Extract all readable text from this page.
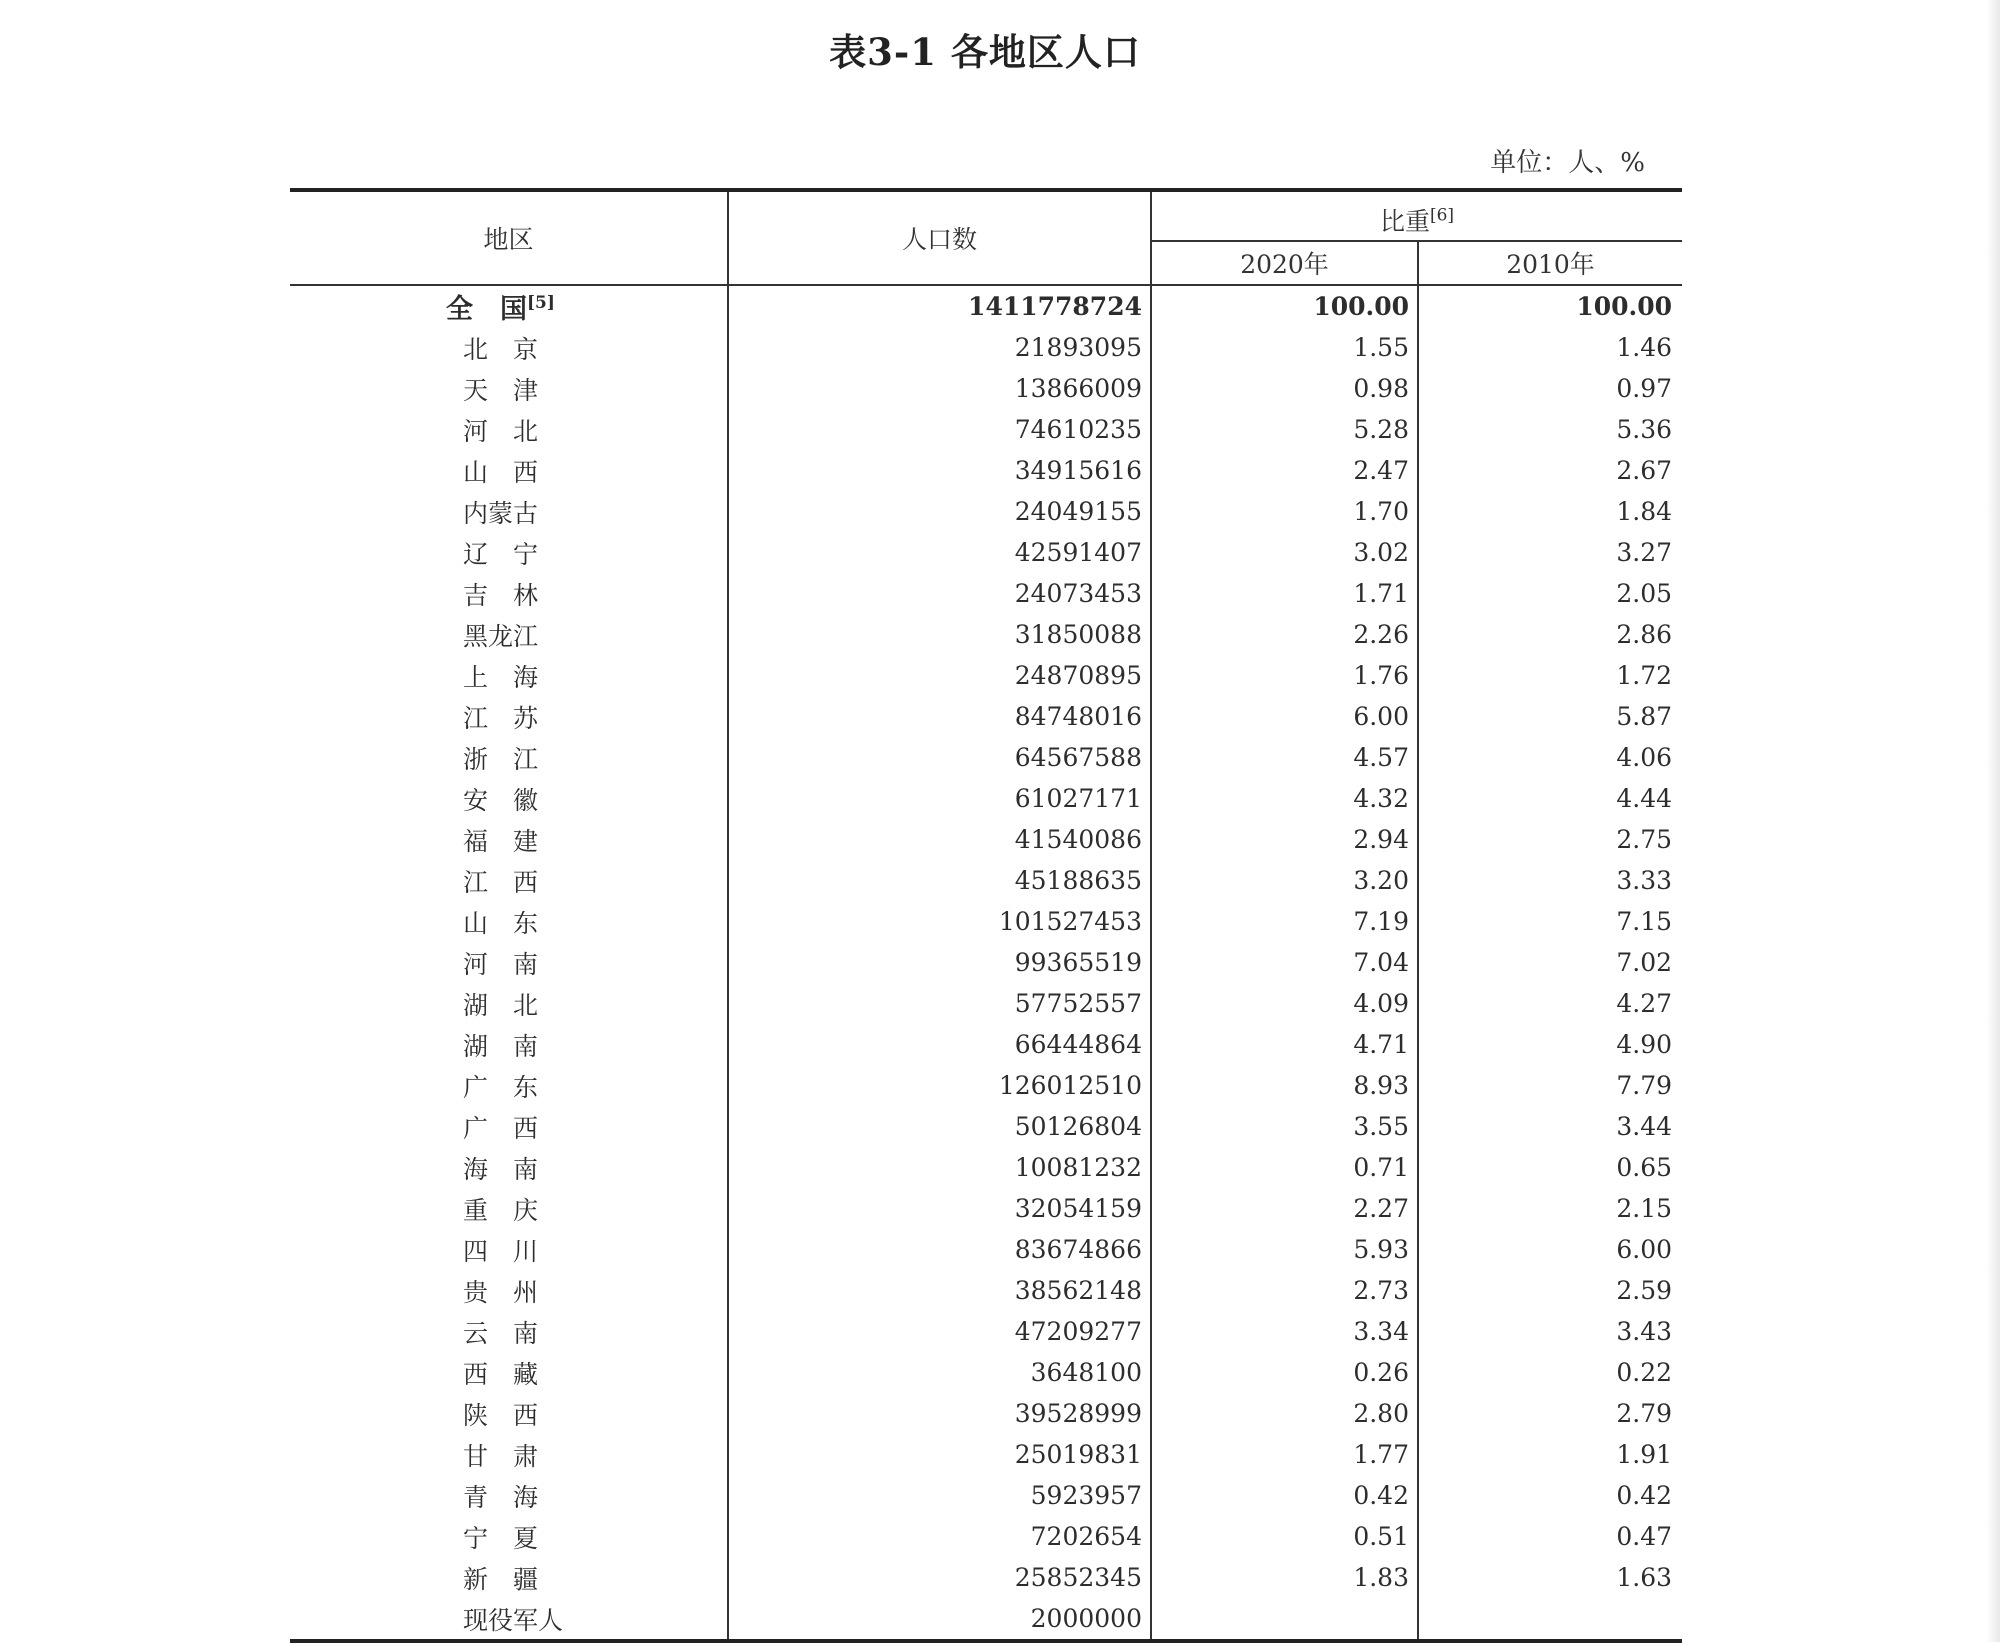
表3-1 各地区人口
单位：人、%
地区	人口数	比重[6]
		2020年	2010年
全　国[5]	1411778724	100.00	100.00
北　京	21893095	1.55	1.46
天　津	13866009	0.98	0.97
河　北	74610235	5.28	5.36
山　西	34915616	2.47	2.67
内蒙古	24049155	1.70	1.84
辽　宁	42591407	3.02	3.27
吉　林	24073453	1.71	2.05
黑龙江	31850088	2.26	2.86
上　海	24870895	1.76	1.72
江　苏	84748016	6.00	5.87
浙　江	64567588	4.57	4.06
安　徽	61027171	4.32	4.44
福　建	41540086	2.94	2.75
江　西	45188635	3.20	3.33
山　东	101527453	7.19	7.15
河　南	99365519	7.04	7.02
湖　北	57752557	4.09	4.27
湖　南	66444864	4.71	4.90
广　东	126012510	8.93	7.79
广　西	50126804	3.55	3.44
海　南	10081232	0.71	0.65
重　庆	32054159	2.27	2.15
四　川	83674866	5.93	6.00
贵　州	38562148	2.73	2.59
云　南	47209277	3.34	3.43
西　藏	3648100	0.26	0.22
陕　西	39528999	2.80	2.79
甘　肃	25019831	1.77	1.91
青　海	5923957	0.42	0.42
宁　夏	7202654	0.51	0.47
新　疆	25852345	1.83	1.63
现役军人	2000000		
